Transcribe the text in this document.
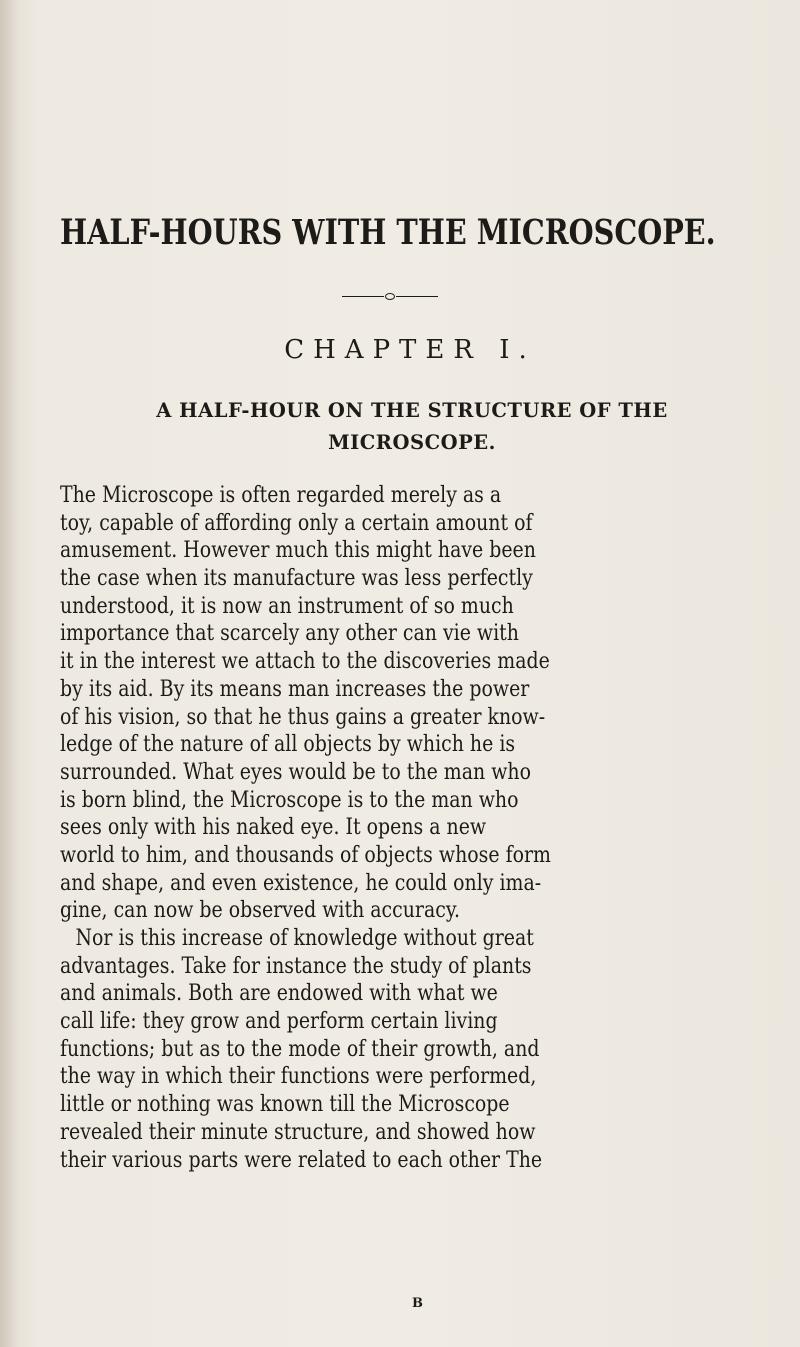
HALF-HOURS WITH THE MICROSCOPE.
CHAPTER I.
A HALF-HOUR ON THE STRUCTURE OF THE
MICROSCOPE.
The Microscope is often regarded merely as a
toy, capable of affording only a certain amount of
amusement. However much this might have been
the case when its manufacture was less perfectly
understood, it is now an instrument of so much
importance that scarcely any other can vie with
it in the interest we attach to the discoveries made
by its aid. By its means man increases the power
of his vision, so that he thus gains a greater know-
ledge of the nature of all objects by which he is
surrounded. What eyes would be to the man who
is born blind, the Microscope is to the man who
sees only with his naked eye. It opens a new
world to him, and thousands of objects whose form
and shape, and even existence, he could only ima-
gine, can now be observed with accuracy.
Nor is this increase of knowledge without great
advantages. Take for instance the study of plants
and animals. Both are endowed with what we
call life: they grow and perform certain living
functions; but as to the mode of their growth, and
the way in which their functions were performed,
little or nothing was known till the Microscope
revealed their minute structure, and showed how
their various parts were related to each other The
B
